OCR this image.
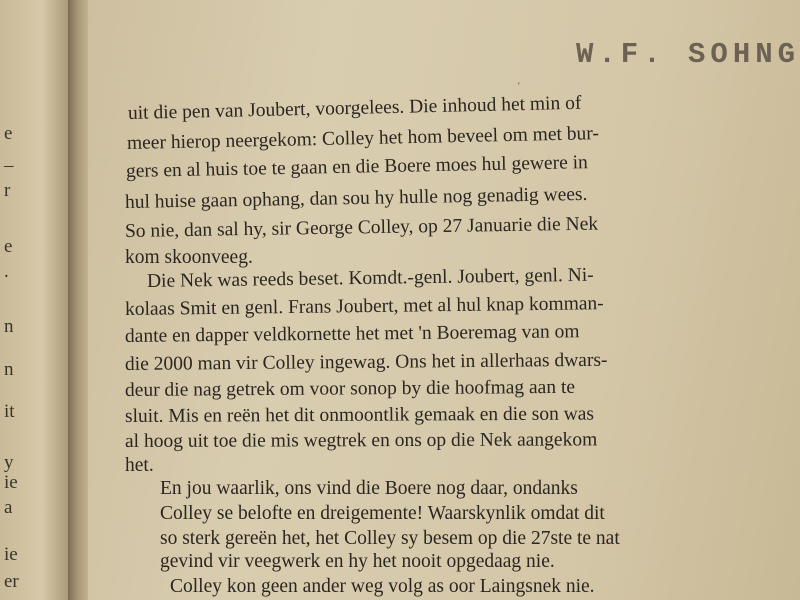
e
–
r
e
.
n
n
it
y
ie
a
ie
er
W.F. SOHNG
ʻ
uit die pen van Joubert, voorgelees. Die inhoud het min of
meer hierop neergekom: Colley het hom beveel om met bur-
gers en al huis toe te gaan en die Boere moes hul gewere in
hul huise gaan ophang, dan sou hy hulle nog genadig wees.
So nie, dan sal hy, sir George Colley, op 27 Januarie die Nek
kom skoonveeg.
Die Nek was reeds beset. Komdt.-genl. Joubert, genl. Ni-
kolaas Smit en genl. Frans Joubert, met al hul knap komman-
dante en dapper veldkornette het met 'n Boeremag van om
die 2000 man vir Colley ingewag. Ons het in allerhaas dwars-
deur die nag getrek om voor sonop by die hoofmag aan te
sluit. Mis en reën het dit onmoontlik gemaak en die son was
al hoog uit toe die mis wegtrek en ons op die Nek aangekom
het.
En jou waarlik, ons vind die Boere nog daar, ondanks
Colley se belofte en dreigemente! Waarskynlik omdat dit
so sterk gereën het, het Colley sy besem op die 27ste te nat
gevind vir veegwerk en hy het nooit opgedaag nie.
Colley kon geen ander weg volg as oor Laingsnek nie.
